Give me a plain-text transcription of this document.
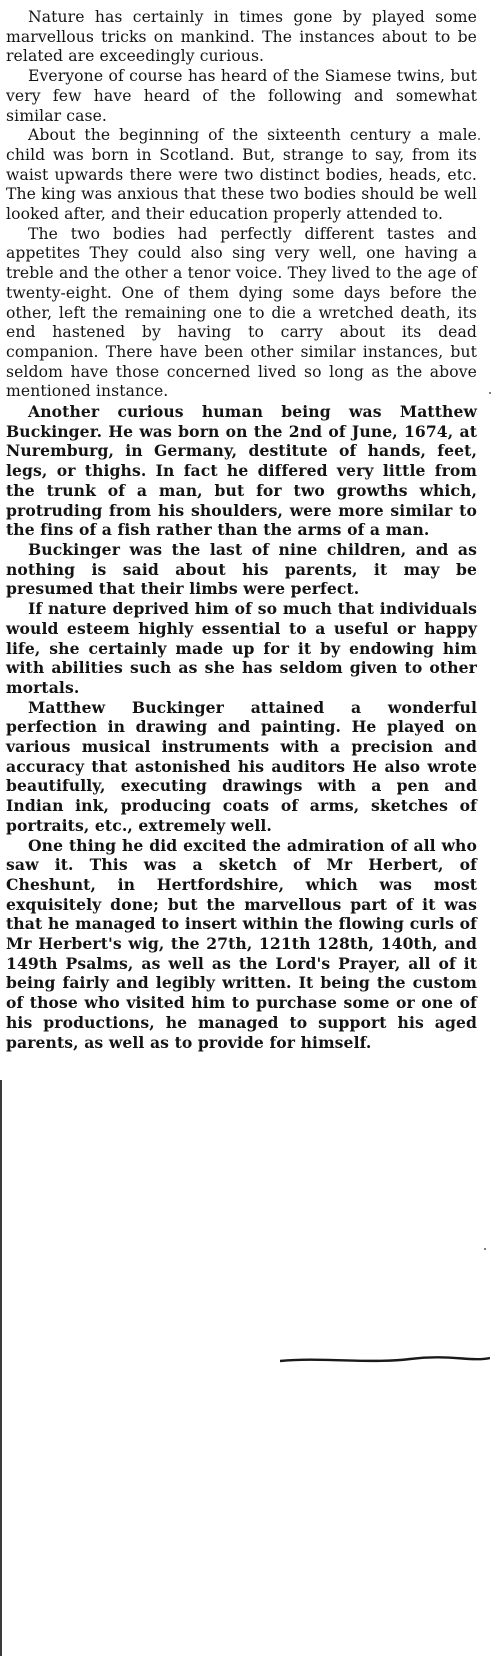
Nature has certainly in times gone by played some marvellous tricks on mankind. The instances about to be related are exceedingly curious.

Everyone of course has heard of the Siamese twins, but very few have heard of the following and somewhat similar case.

About the beginning of the sixteenth century a male child was born in Scotland. But, strange to say, from its waist upwards there were two distinct bodies, heads, etc. The king was anxious that these two bodies should be well looked after, and their education properly attended to.

The two bodies had perfectly different tastes and appetites They could also sing very well, one having a treble and the other a tenor voice. They lived to the age of twenty-eight. One of them dying some days before the other, left the remaining one to die a wretched death, its end hastened by having to carry about its dead companion. There have been other similar instances, but seldom have those concerned lived so long as the above mentioned instance.

Another curious human being was Matthew Buckinger. He was born on the 2nd of June, 1674, at Nuremburg, in Germany, destitute of hands, feet, legs, or thighs. In fact he differed very little from the trunk of a man, but for two growths which, protruding from his shoulders, were more similar to the fins of a fish rather than the arms of a man.

Buckinger was the last of nine children, and as nothing is said about his parents, it may be presumed that their limbs were perfect.

If nature deprived him of so much that individuals would esteem highly essential to a useful or happy life, she certainly made up for it by endowing him with abilities such as she has seldom given to other mortals.

Matthew Buckinger attained a wonderful perfection in drawing and painting. He played on various musical instruments with a precision and accuracy that astonished his auditors He also wrote beautifully, executing drawings with a pen and Indian ink, producing coats of arms, sketches of portraits, etc., extremely well.

One thing he did excited the admiration of all who saw it. This was a sketch of Mr Herbert, of Cheshunt, in Hertfordshire, which was most exquisitely done; but the marvellous part of it was that he managed to insert within the flowing curls of Mr Herbert's wig, the 27th, 121th 128th, 140th, and 149th Psalms, as well as the Lord's Prayer, all of it being fairly and legibly written. It being the custom of those who visited him to purchase some or one of his productions, he managed to support his aged parents, as well as to provide for himself.
